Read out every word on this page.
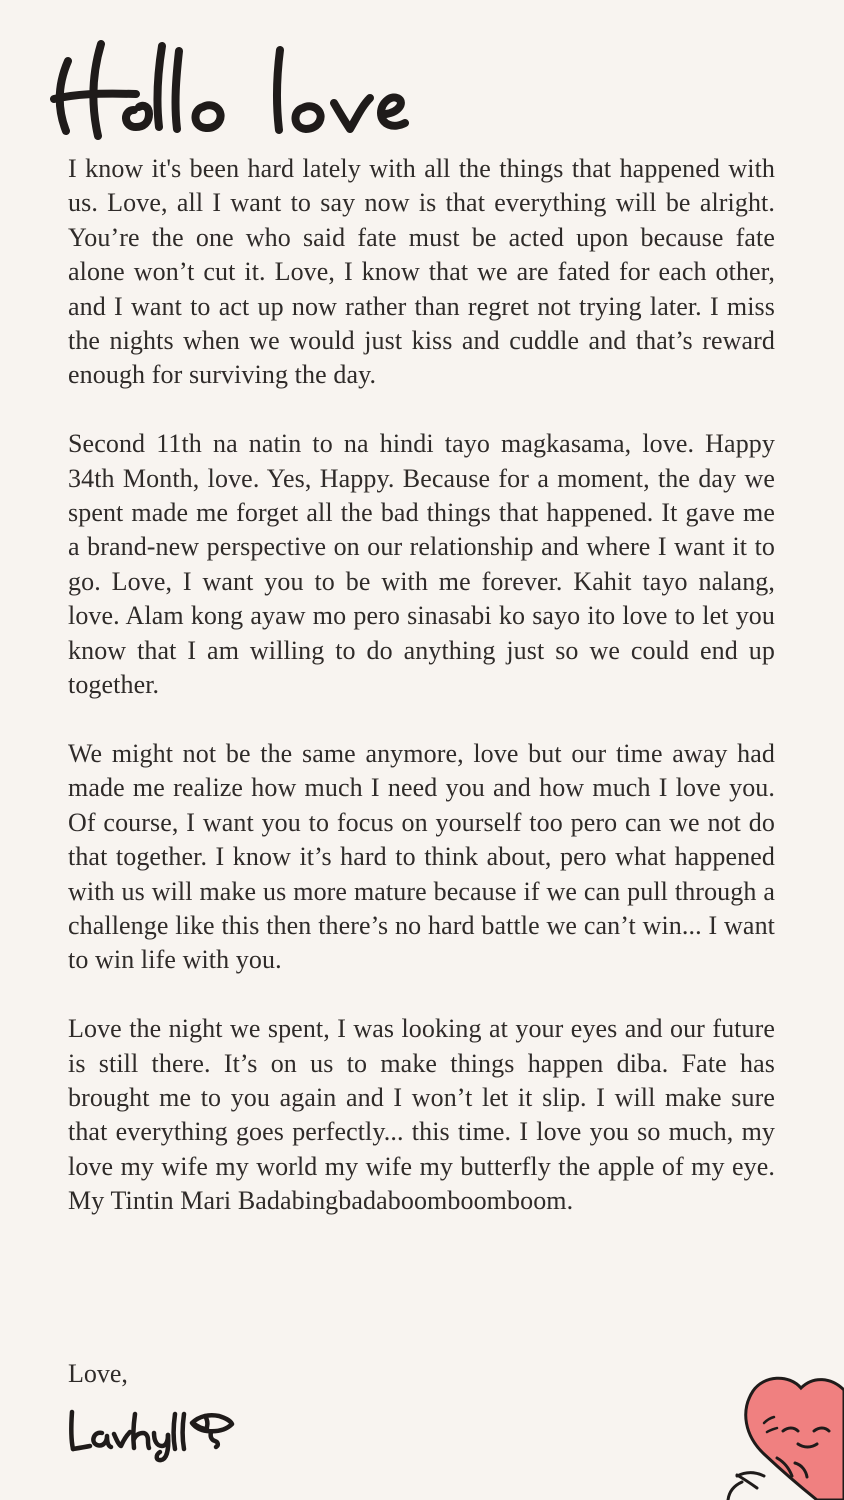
I know it's been hard lately with all the things that happened with us. Love, all I want to say now is that everything will be alright. You’re the one who said fate must be acted upon because fate alone won’t cut it. Love, I know that we are fated for each other, and I want to act up now rather than regret not trying later. I miss the nights when we would just kiss and cuddle and that’s reward enough for surviving the day.

Second 11th na natin to na hindi tayo magkasama, love. Happy 34th Month, love. Yes, Happy. Because for a moment, the day we spent made me forget all the bad things that happened. It gave me a brand-new perspective on our relationship and where I want it to go. Love, I want you to be with me forever. Kahit tayo nalang, love. Alam kong ayaw mo pero sinasabi ko sayo ito love to let you know that I am willing to do anything just so we could end up together.

We might not be the same anymore, love but our time away had made me realize how much I need you and how much I love you. Of course, I want you to focus on yourself too pero can we not do that together. I know it’s hard to think about, pero what happened with us will make us more mature because if we can pull through a challenge like this then there’s no hard battle we can’t win... I want to win life with you.

Love the night we spent, I was looking at your eyes and our future is still there. It’s on us to make things happen diba. Fate has brought me to you again and I won’t let it slip. I will make sure that everything goes perfectly... this time. I love you so much, my love my wife my world my wife my butterfly the apple of my eye. My Tintin Mari Badabingbadaboomboomboom.

Love,
